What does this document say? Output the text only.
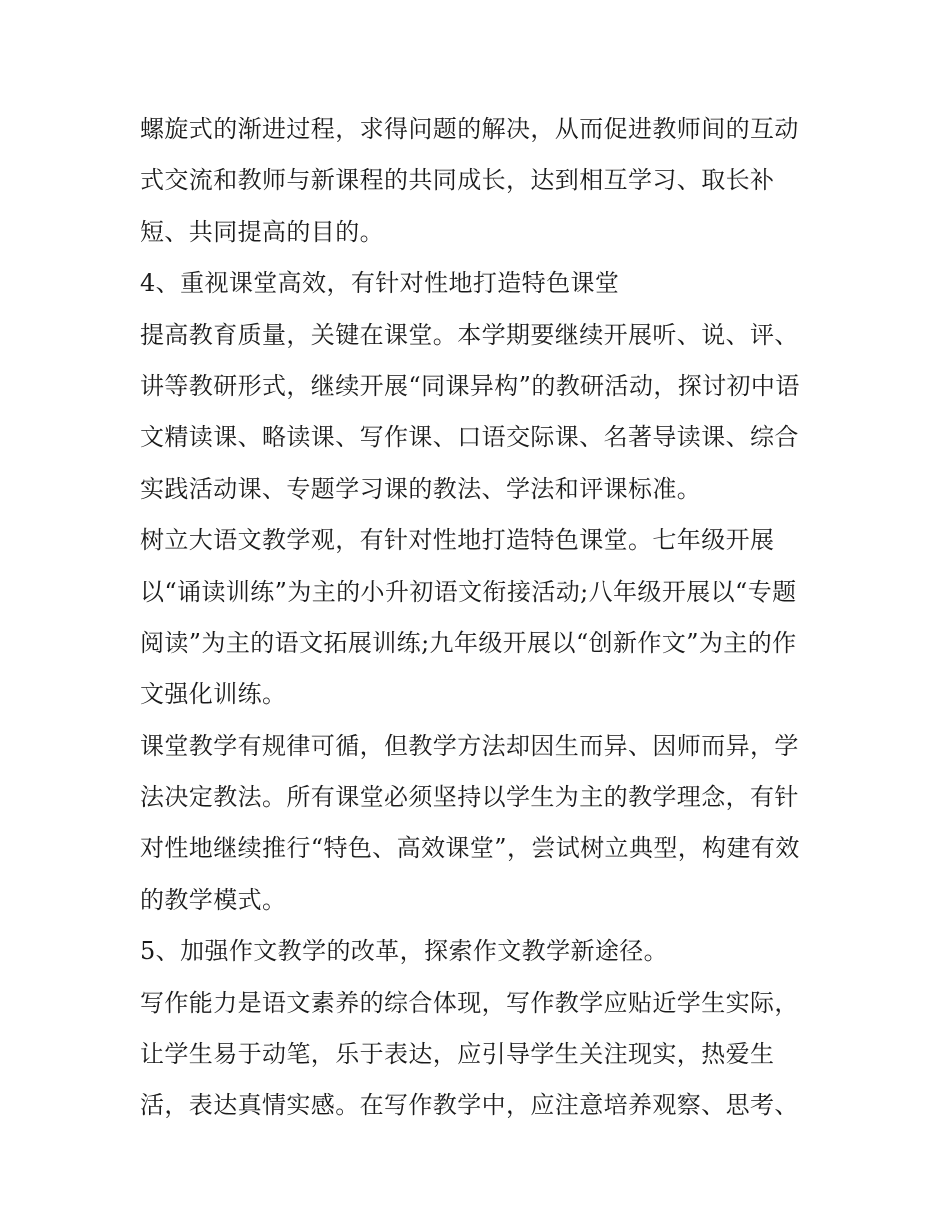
螺旋式的渐进过程，求得问题的解决，从而促进教师间的互动
式交流和教师与新课程的共同成长，达到相互学习、取长补
短、共同提高的目的。
4、重视课堂高效，有针对性地打造特色课堂
提高教育质量，关键在课堂。本学期要继续开展听、说、评、
讲等教研形式，继续开展“同课异构”的教研活动，探讨初中语
文精读课、略读课、写作课、口语交际课、名著导读课、综合
实践活动课、专题学习课的教法、学法和评课标准。
树立大语文教学观，有针对性地打造特色课堂。七年级开展
以“诵读训练”为主的小升初语文衔接活动;八年级开展以“专题
阅读”为主的语文拓展训练;九年级开展以“创新作文”为主的作
文强化训练。
课堂教学有规律可循，但教学方法却因生而异、因师而异，学
法决定教法。所有课堂必须坚持以学生为主的教学理念，有针
对性地继续推行“特色、高效课堂”，尝试树立典型，构建有效
的教学模式。
5、加强作文教学的改革，探索作文教学新途径。
写作能力是语文素养的综合体现，写作教学应贴近学生实际，
让学生易于动笔，乐于表达，应引导学生关注现实，热爱生
活，表达真情实感。在写作教学中，应注意培养观察、思考、
